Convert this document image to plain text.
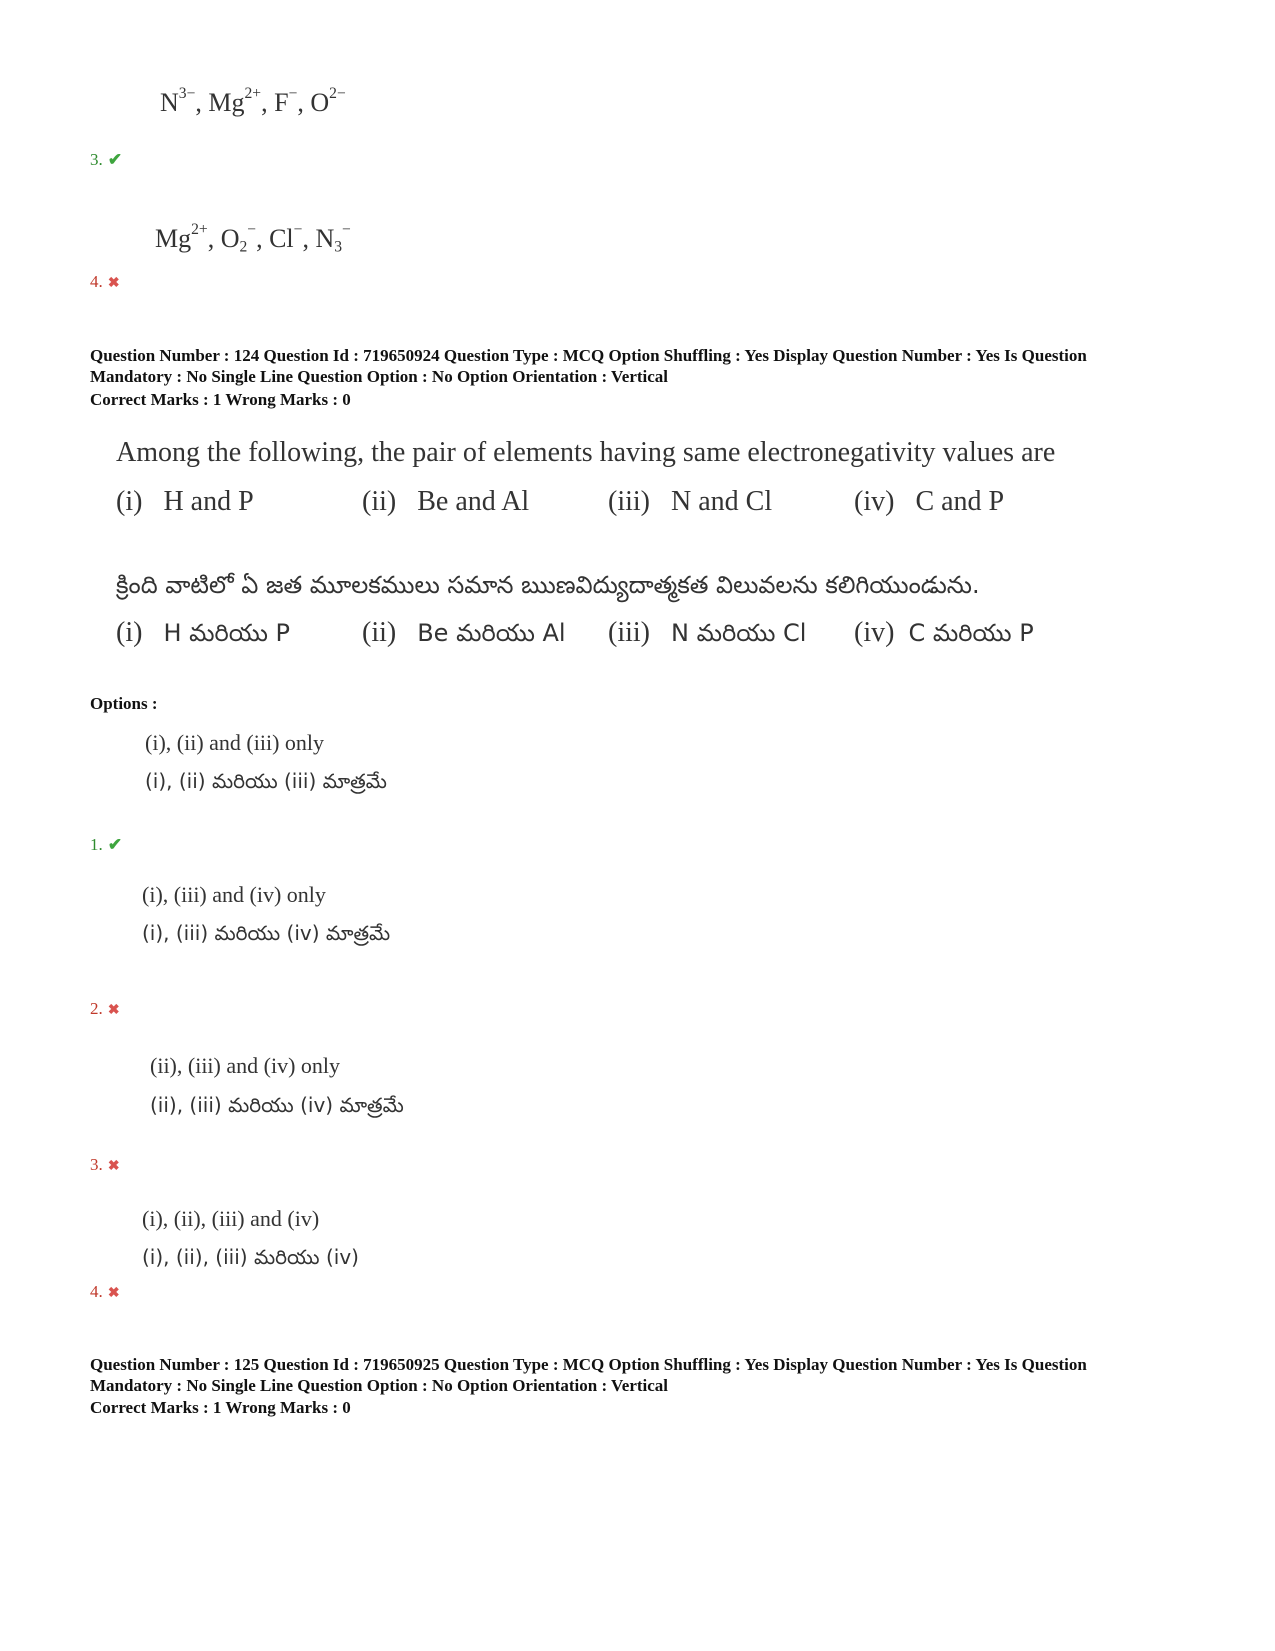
$N^{3-}$, $Mg^{2+}$, F−, $O^{2-}$
3. ✔
$Mg^{2+}$, $O_2^-$, Cl−, $N_3^-$
4. ✖
Question Number : 124 Question Id : 719650924 Question Type : MCQ Option Shuffling : Yes Display Question Number : Yes Is Question
Mandatory : No Single Line Question Option : No Option Orientation : Vertical
Correct Marks : 1 Wrong Marks : 0
Among the following, the pair of elements having same electronegativity values are
(i) H and P	(ii) Be and Al	(iii) N and Cl	(iv) C and P
క్రింది వాటిలో ఏ జత మూలకములు సమాన ఋణవిద్యుదాత్మకత విలువలను కలిగియుండును.
(i) H మరియు P	(ii) Be మరియు Al (iii) N మరియు Cl (iv) C మరియు P
Options :
(i), (ii) and (iii) only
(i), (ii) మరియు (iii) మాత్రమే
1. ✔
(i), (iii) and (iv) only
(i), (iii) మరియు (iv) మాత్రమే
2. ✖
(ii), (iii) and (iv) only
(ii), (iii) మరియు (iv) మాత్రమే
3. ✖
(i), (ii), (iii) and (iv)
(i), (ii), (iii) మరియు (iv)
4. ✖
Question Number : 125 Question Id : 719650925 Question Type : MCQ Option Shuffling : Yes Display Question Number : Yes Is Question
Mandatory : No Single Line Question Option : No Option Orientation : Vertical
Correct Marks : 1 Wrong Marks : 0
